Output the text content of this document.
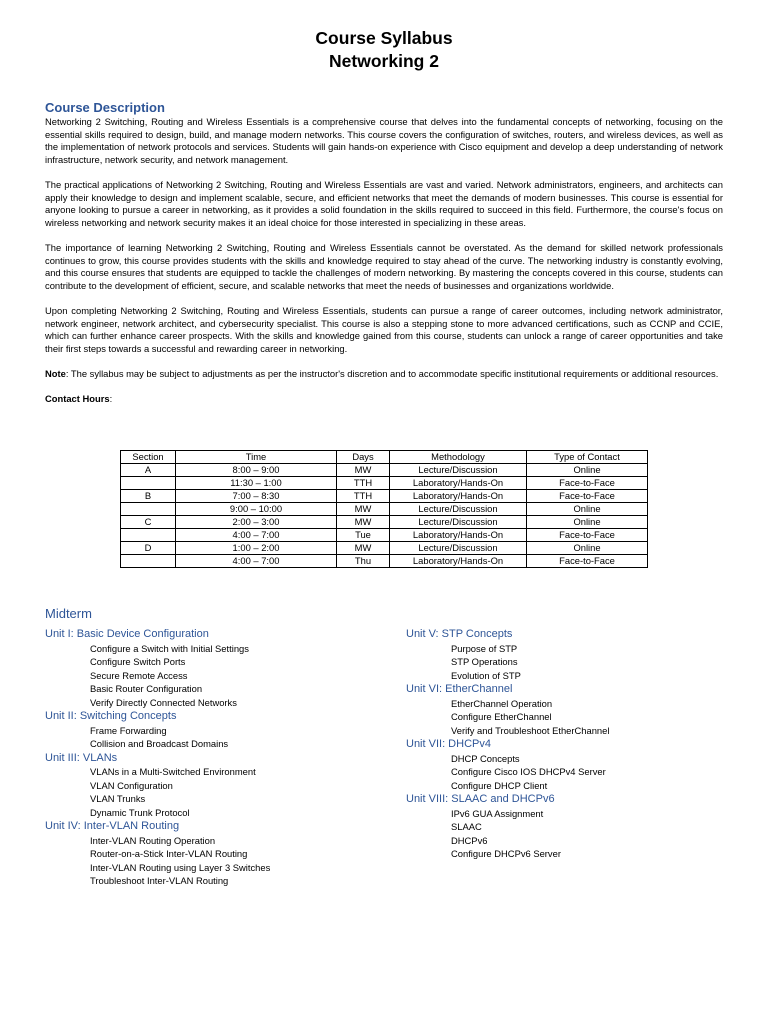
Course Syllabus
Networking 2
Course Description

Networking 2 Switching, Routing and Wireless Essentials is a comprehensive course that delves into the fundamental concepts of networking, focusing on the essential skills required to design, build, and manage modern networks. This course covers the configuration of switches, routers, and wireless devices, as well as the implementation of network protocols and services. Students will gain hands-on experience with Cisco equipment and develop a deep understanding of network infrastructure, network security, and network management.

The practical applications of Networking 2 Switching, Routing and Wireless Essentials are vast and varied. Network administrators, engineers, and architects can apply their knowledge to design and implement scalable, secure, and efficient networks that meet the demands of modern businesses. This course is essential for anyone looking to pursue a career in networking, as it provides a solid foundation in the skills required to succeed in this field. Furthermore, the course's focus on wireless networking and network security makes it an ideal choice for those interested in specializing in these areas.

The importance of learning Networking 2 Switching, Routing and Wireless Essentials cannot be overstated. As the demand for skilled network professionals continues to grow, this course provides students with the skills and knowledge required to stay ahead of the curve. The networking industry is constantly evolving, and this course ensures that students are equipped to tackle the challenges of modern networking. By mastering the concepts covered in this course, students can contribute to the development of efficient, secure, and scalable networks that meet the needs of businesses and organizations worldwide.

Upon completing Networking 2 Switching, Routing and Wireless Essentials, students can pursue a range of career outcomes, including network administrator, network engineer, network architect, and cybersecurity specialist. This course is also a stepping stone to more advanced certifications, such as CCNP and CCIE, which can further enhance career prospects. With the skills and knowledge gained from this course, students can unlock a range of career opportunities and take their first steps towards a successful and rewarding career in networking.

Note: The syllabus may be subject to adjustments as per the instructor's discretion and to accommodate specific institutional requirements or additional resources.

Contact Hours:

Section	Time	Days	Methodology	Type of Contact
A	8:00 – 9:00	MW	Lecture/Discussion	Online
	11:30 – 1:00	TTH	Laboratory/Hands-On	Face-to-Face
B	7:00 – 8:30	TTH	Laboratory/Hands-On	Face-to-Face
	9:00 – 10:00	MW	Lecture/Discussion	Online
C	2:00 – 3:00	MW	Lecture/Discussion	Online
	4:00 – 7:00	Tue	Laboratory/Hands-On	Face-to-Face
D	1:00 – 2:00	MW	Lecture/Discussion	Online
	4:00 – 7:00	Thu	Laboratory/Hands-On	Face-to-Face
Midterm
Unit I: Basic Device Configuration
Configure a Switch with Initial Settings
Configure Switch Ports
Secure Remote Access
Basic Router Configuration
Verify Directly Connected Networks
Unit II: Switching Concepts
Frame Forwarding
Collision and Broadcast Domains
Unit III: VLANs
VLANs in a Multi-Switched Environment
VLAN Configuration
VLAN Trunks
Dynamic Trunk Protocol
Unit IV: Inter-VLAN Routing
Inter-VLAN Routing Operation
Router-on-a-Stick Inter-VLAN Routing
Inter-VLAN Routing using Layer 3 Switches
Troubleshoot Inter-VLAN Routing
Unit V: STP Concepts
Purpose of STP
STP Operations
Evolution of STP
Unit VI: EtherChannel
EtherChannel Operation
Configure EtherChannel
Verify and Troubleshoot EtherChannel
Unit VII: DHCPv4
DHCP Concepts
Configure Cisco IOS DHCPv4 Server
Configure DHCP Client
Unit VIII: SLAAC and DHCPv6
IPv6 GUA Assignment
SLAAC
DHCPv6
Configure DHCPv6 Server
